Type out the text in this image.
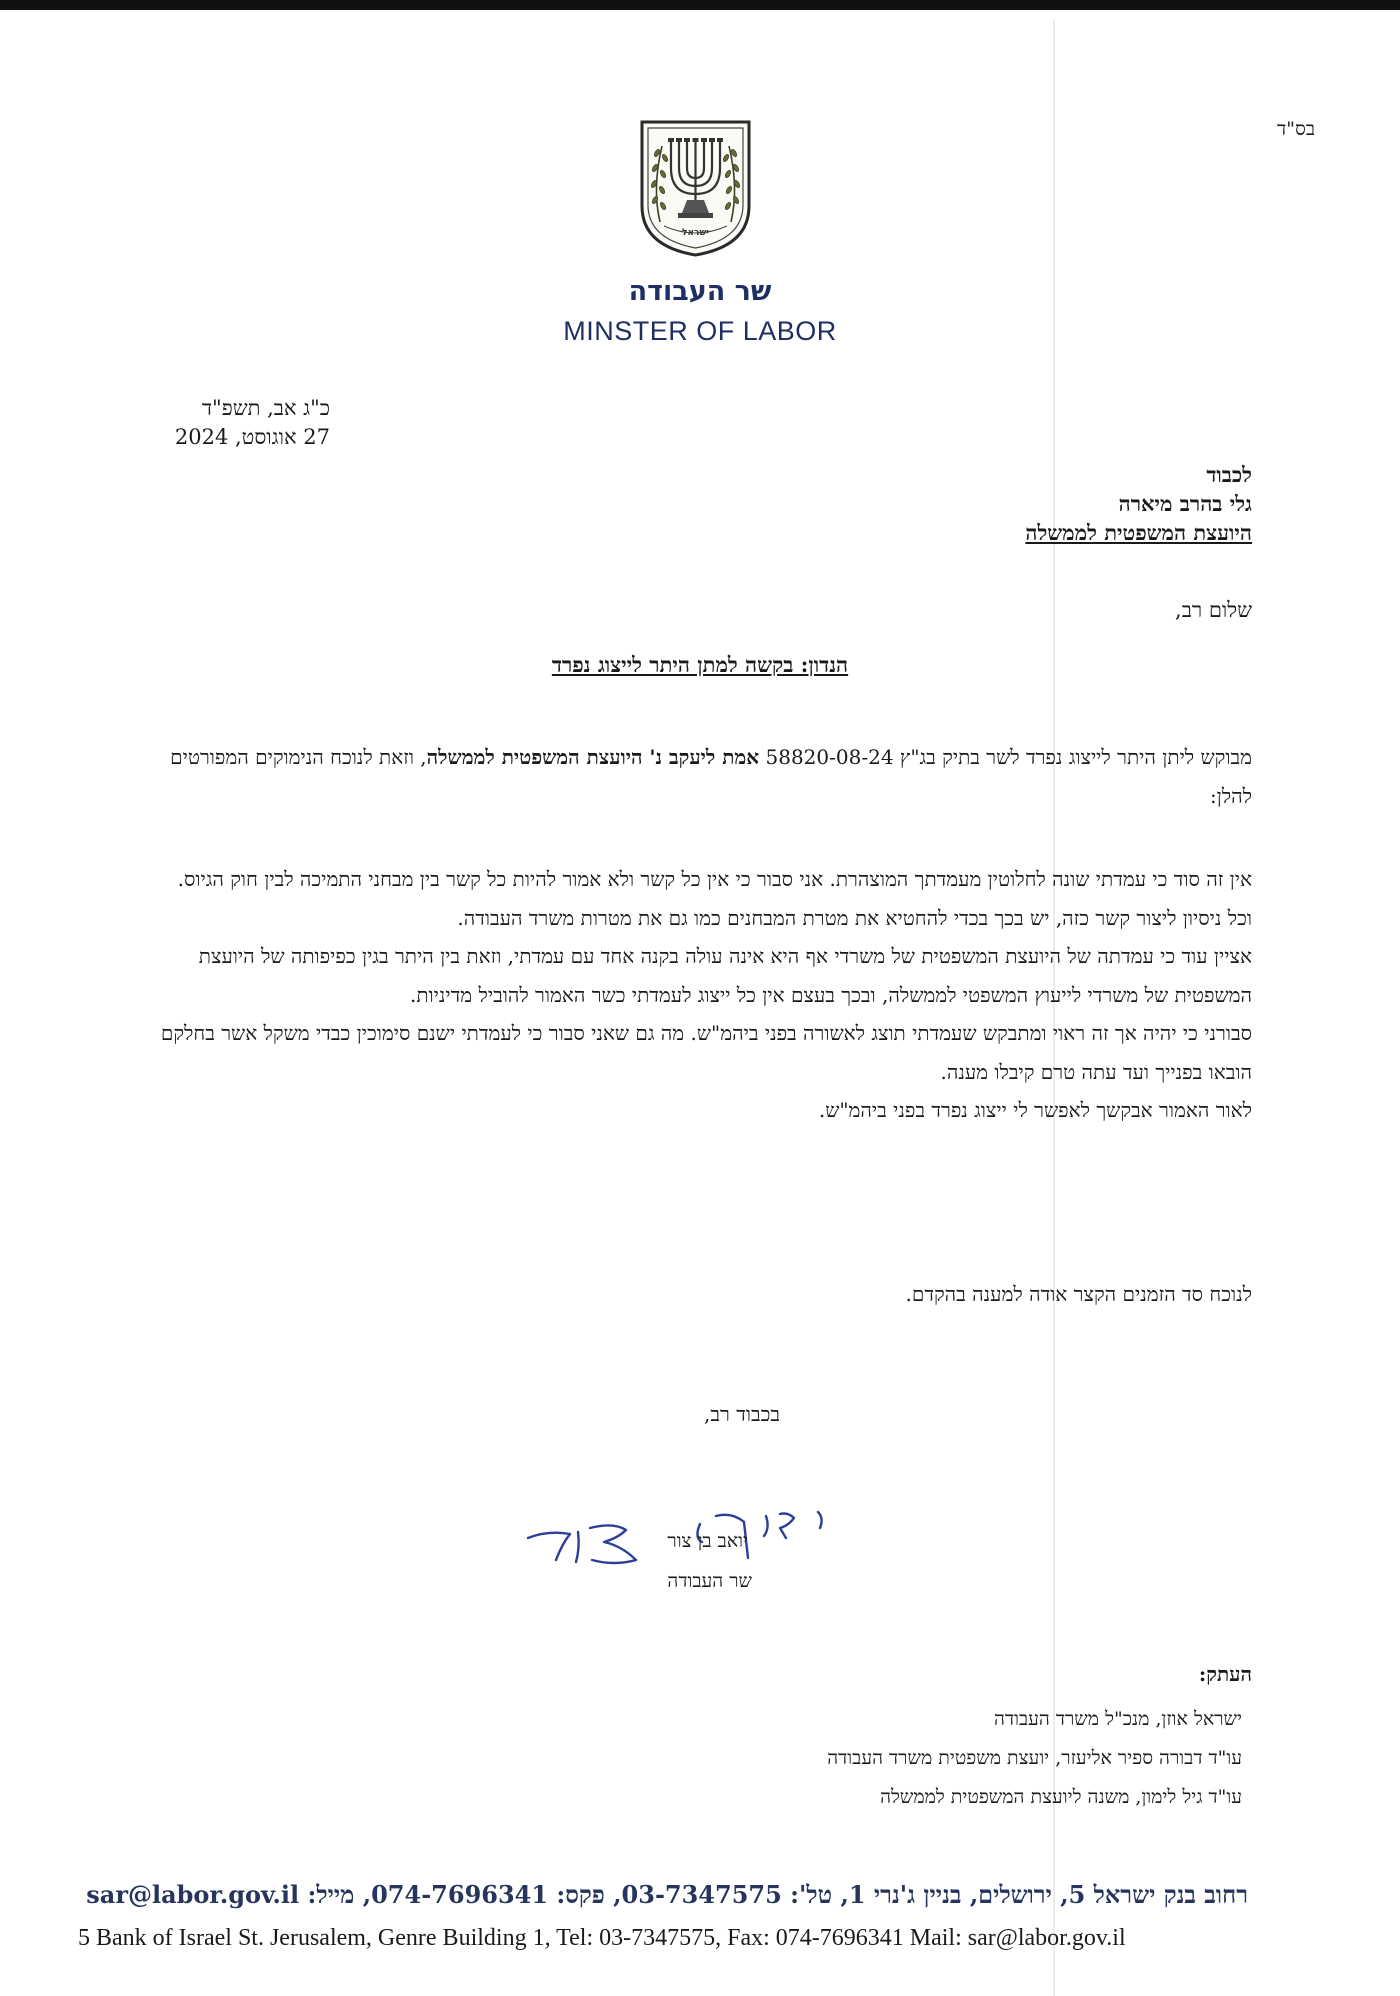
בס"ד
ישראל
שר העבודה
MINSTER OF LABOR
כ"ג אב, תשפ"ד
27 אוגוסט, 2024
לכבוד
גלי בהרב מיארה
היועצת המשפטית לממשלה
שלום רב,
הנדון: בקשה למתן היתר לייצוג נפרד
מבוקש ליתן היתר לייצוג נפרד לשר בתיק בג"ץ 58820-08-24 אמת ליעקב נ' היועצת המשפטית לממשלה, וזאת לנוכח הנימוקים המפורטים להלן:
אין זה סוד כי עמדתי שונה לחלוטין מעמדתך המוצהרת. אני סבור כי אין כל קשר ולא אמור להיות כל קשר בין מבחני התמיכה לבין חוק הגיוס. וכל ניסיון ליצור קשר כזה, יש בכך בכדי להחטיא את מטרת המבחנים כמו גם את מטרות משרד העבודה.
אציין עוד כי עמדתה של היועצת המשפטית של משרדי אף היא אינה עולה בקנה אחד עם עמדתי, וזאת בין היתר בגין כפיפותה של היועצת המשפטית של משרדי לייעוץ המשפטי לממשלה, ובכך בעצם אין כל ייצוג לעמדתי כשר האמור להוביל מדיניות.
סבורני כי יהיה אך זה ראוי ומתבקש שעמדתי תוצג לאשורה בפני ביהמ"ש. מה גם שאני סבור כי לעמדתי ישנם סימוכין כבדי משקל אשר בחלקם הובאו בפנייך ועד עתה טרם קיבלו מענה.
לאור האמור אבקשך לאפשר לי ייצוג נפרד בפני ביהמ"ש.
לנוכח סד הזמנים הקצר אודה למענה בהקדם.
בכבוד רב,
יואב בן צור
שר העבודה
העתק:
ישראל אוזן, מנכ"ל משרד העבודה
עו"ד דבורה ספיר אליעזר, יועצת משפטית משרד העבודה
עו"ד גיל לימון, משנה ליועצת המשפטית לממשלה
רחוב בנק ישראל 5, ירושלים, בניין ג'נרי 1, טל': 03-7347575, פקס: 074-7696341, מייל: sar@labor.gov.il
5 Bank of Israel St. Jerusalem, Genre Building 1, Tel: 03-7347575, Fax: 074-7696341 Mail: sar@labor.gov.il
